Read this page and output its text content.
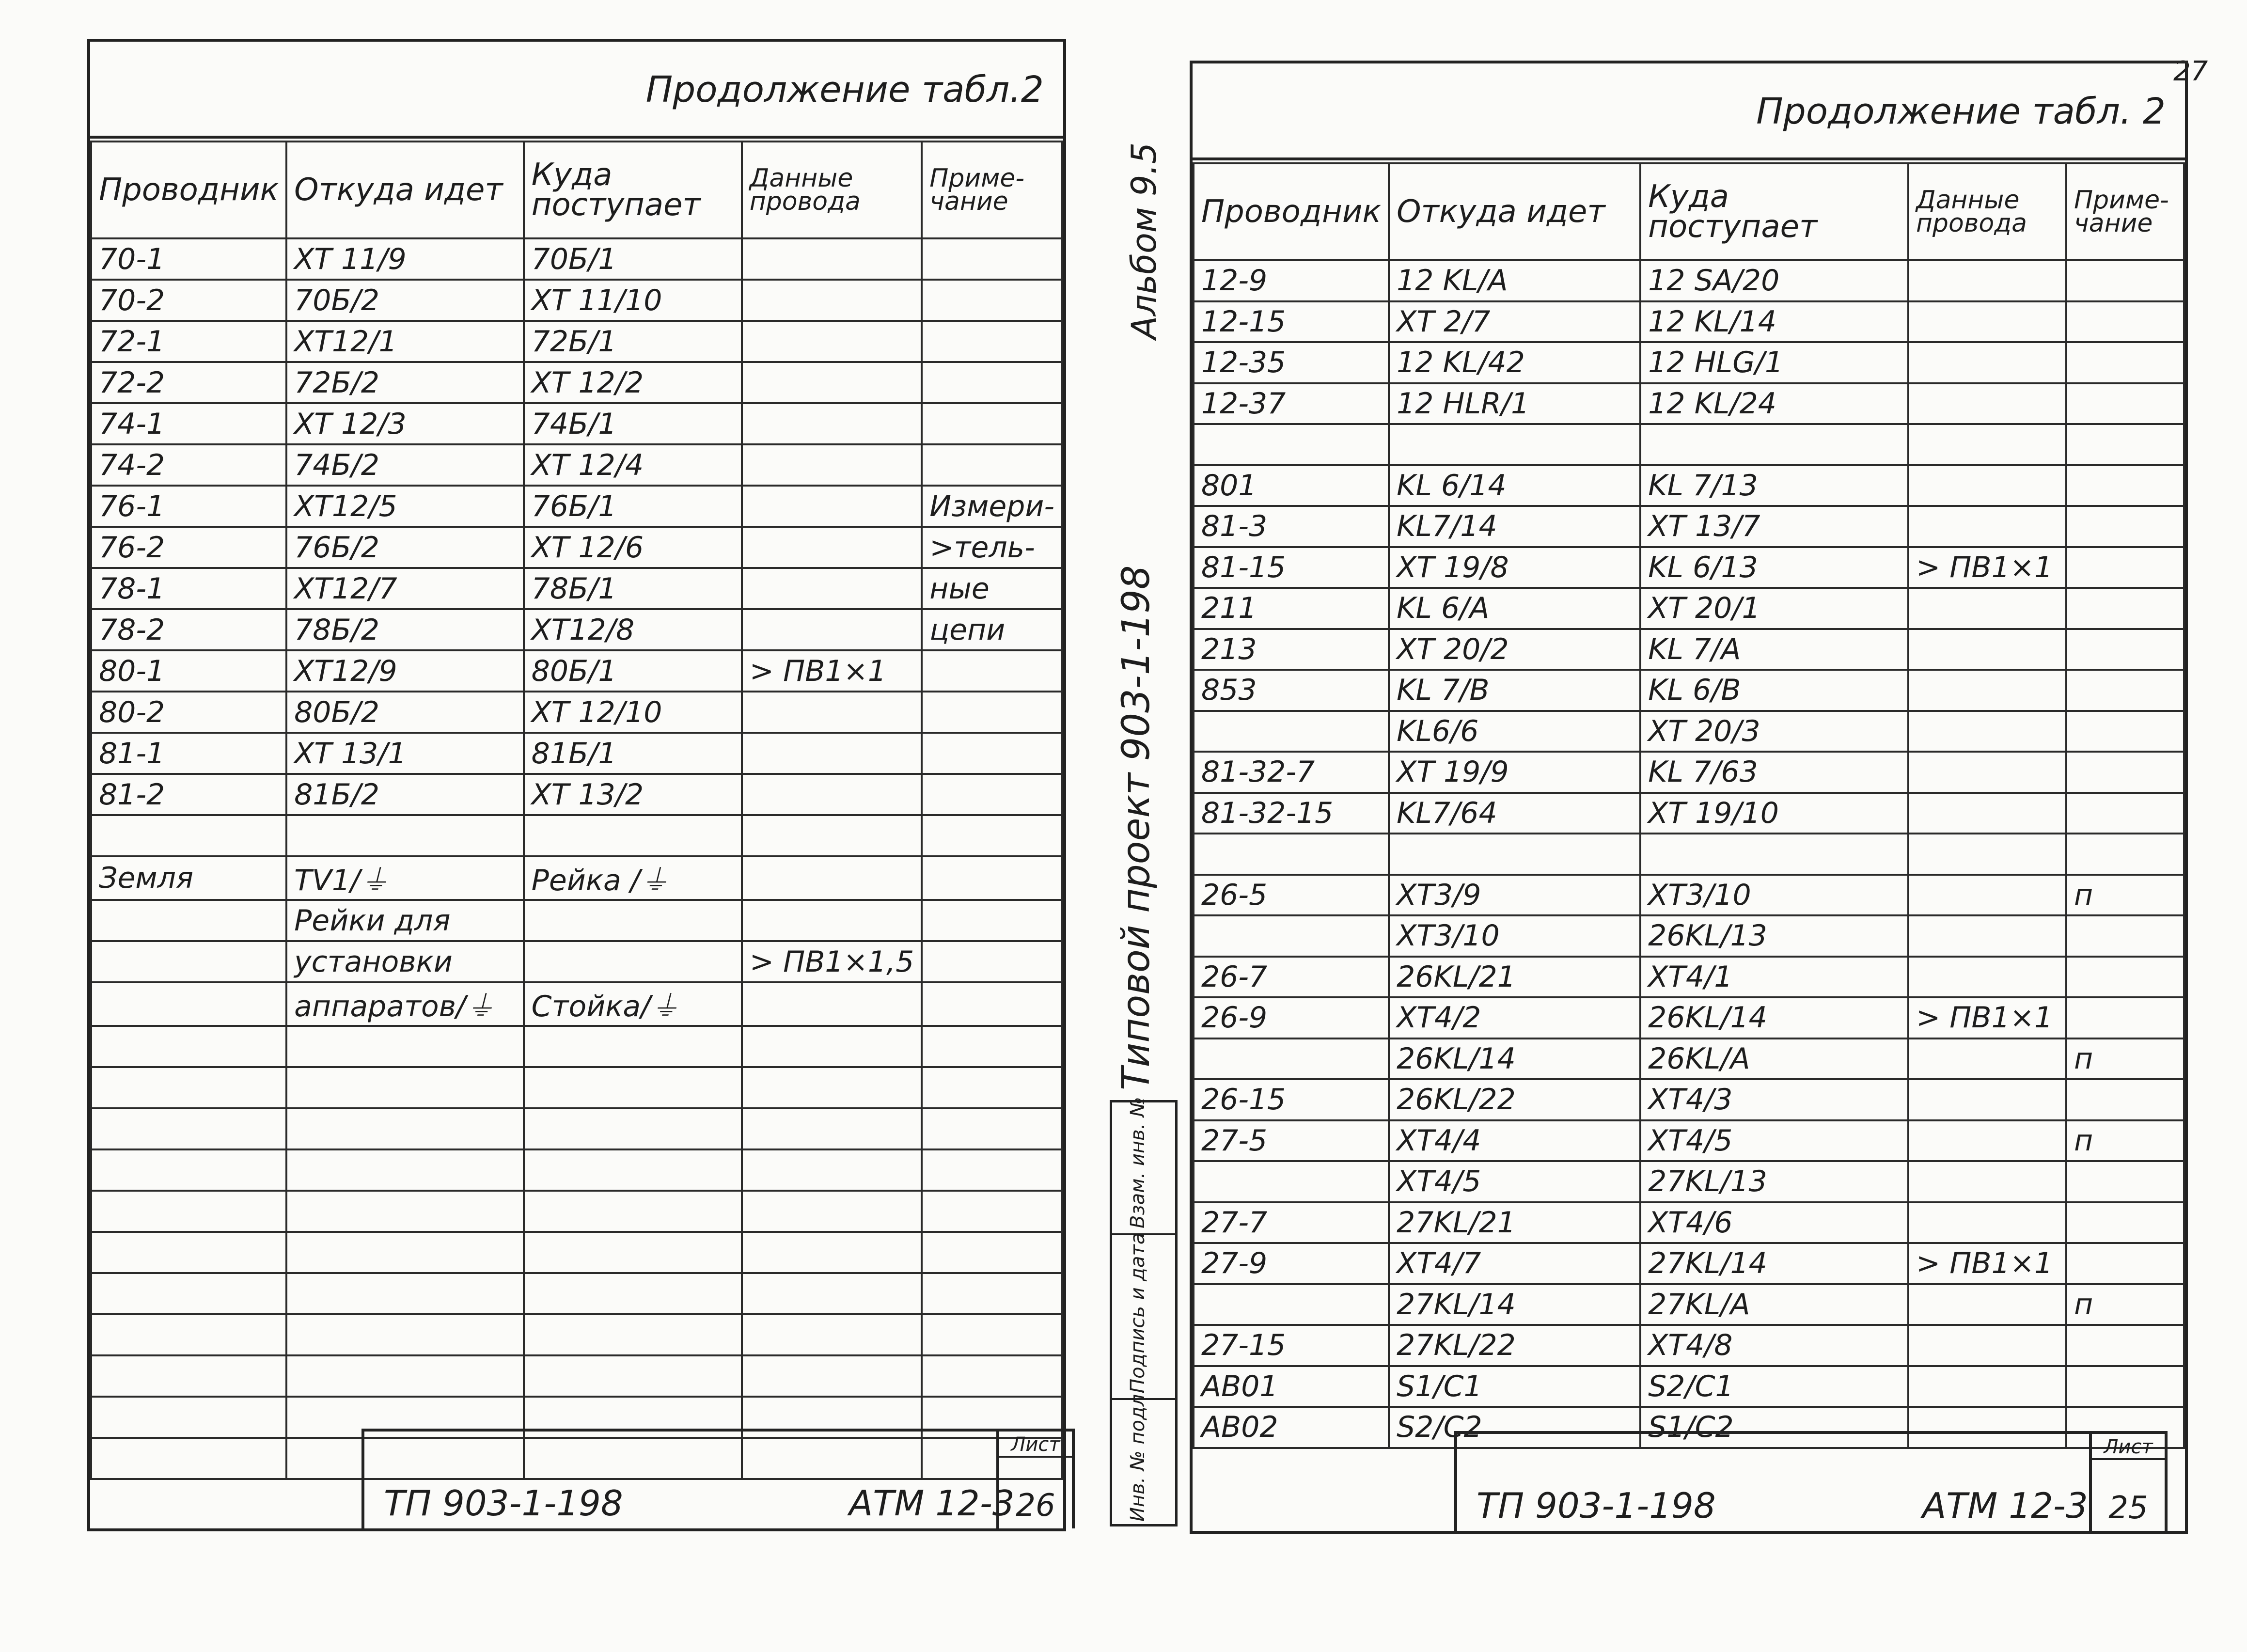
Продолжение табл.2
Проводник	Откуда идет	Куда поступает	Данные провода	Приме- чание
70-1	XT 11/9	70Б/1		
70-2	70Б/2	XT 11/10		
72-1	XT12/1	72Б/1		
72-2	72Б/2	XT 12/2		
74-1	XT 12/3	74Б/1		
74-2	74Б/2	XT 12/4		
76-1	XT12/5	76Б/1		Измери-
76-2	76Б/2	XT 12/6		>тель-
78-1	XT12/7	78Б/1		ные
78-2	78Б/2	XT12/8		цепи
80-1	XT12/9	80Б/1	> ПВ1×1	
80-2	80Б/2	XT 12/10		
81-1	XT 13/1	81Б/1		
81-2	81Б/2	XT 13/2		

Земля	TV1/⏚	Рейка /⏚		
	Рейки для			
	установки		> ПВ1×1,5	
	аппаратов/⏚	Стойка/⏚		

ТП 903-1-198	АТМ 12-3
Лист
26
Альбом 9.5
Типовой проект 903-1-198
Взам. инв. №
Подпись и дата
Инв. № подл.
27
Продолжение табл. 2
Проводник	Откуда идет	Куда поступает	Данные провода	Приме- чание
12-9	12 KL/A	12 SA/20		
12-15	XT 2/7	12 KL/14		
12-35	12 KL/42	12 HLG/1		
12-37	12 HLR/1	12 KL/24		

801	KL 6/14	KL 7/13		
81-3	KL7/14	XT 13/7		
81-15	XT 19/8	KL 6/13	> ПВ1×1	
211	KL 6/A	XT 20/1		
213	XT 20/2	KL 7/A		
853	KL 7/B	KL 6/B		
	KL6/6	XT 20/3		
81-32-7	XT 19/9	KL 7/63		
81-32-15	KL7/64	XT 19/10		

26-5	XT3/9	XT3/10		п
	XT3/10	26KL/13		
26-7	26KL/21	XT4/1		
26-9	XT4/2	26KL/14	> ПВ1×1	
	26KL/14	26KL/A		п
26-15	26KL/22	XT4/3		
27-5	XT4/4	XT4/5		п
	XT4/5	27KL/13		
27-7	27KL/21	XT4/6		
27-9	XT4/7	27KL/14	> ПВ1×1	
	27KL/14	27KL/A		п
27-15	27KL/22	XT4/8		
AB01	S1/C1	S2/C1		
AB02	S2/C2	S1/C2		
ТП 903-1-198	АТМ 12-3
Лист
25
